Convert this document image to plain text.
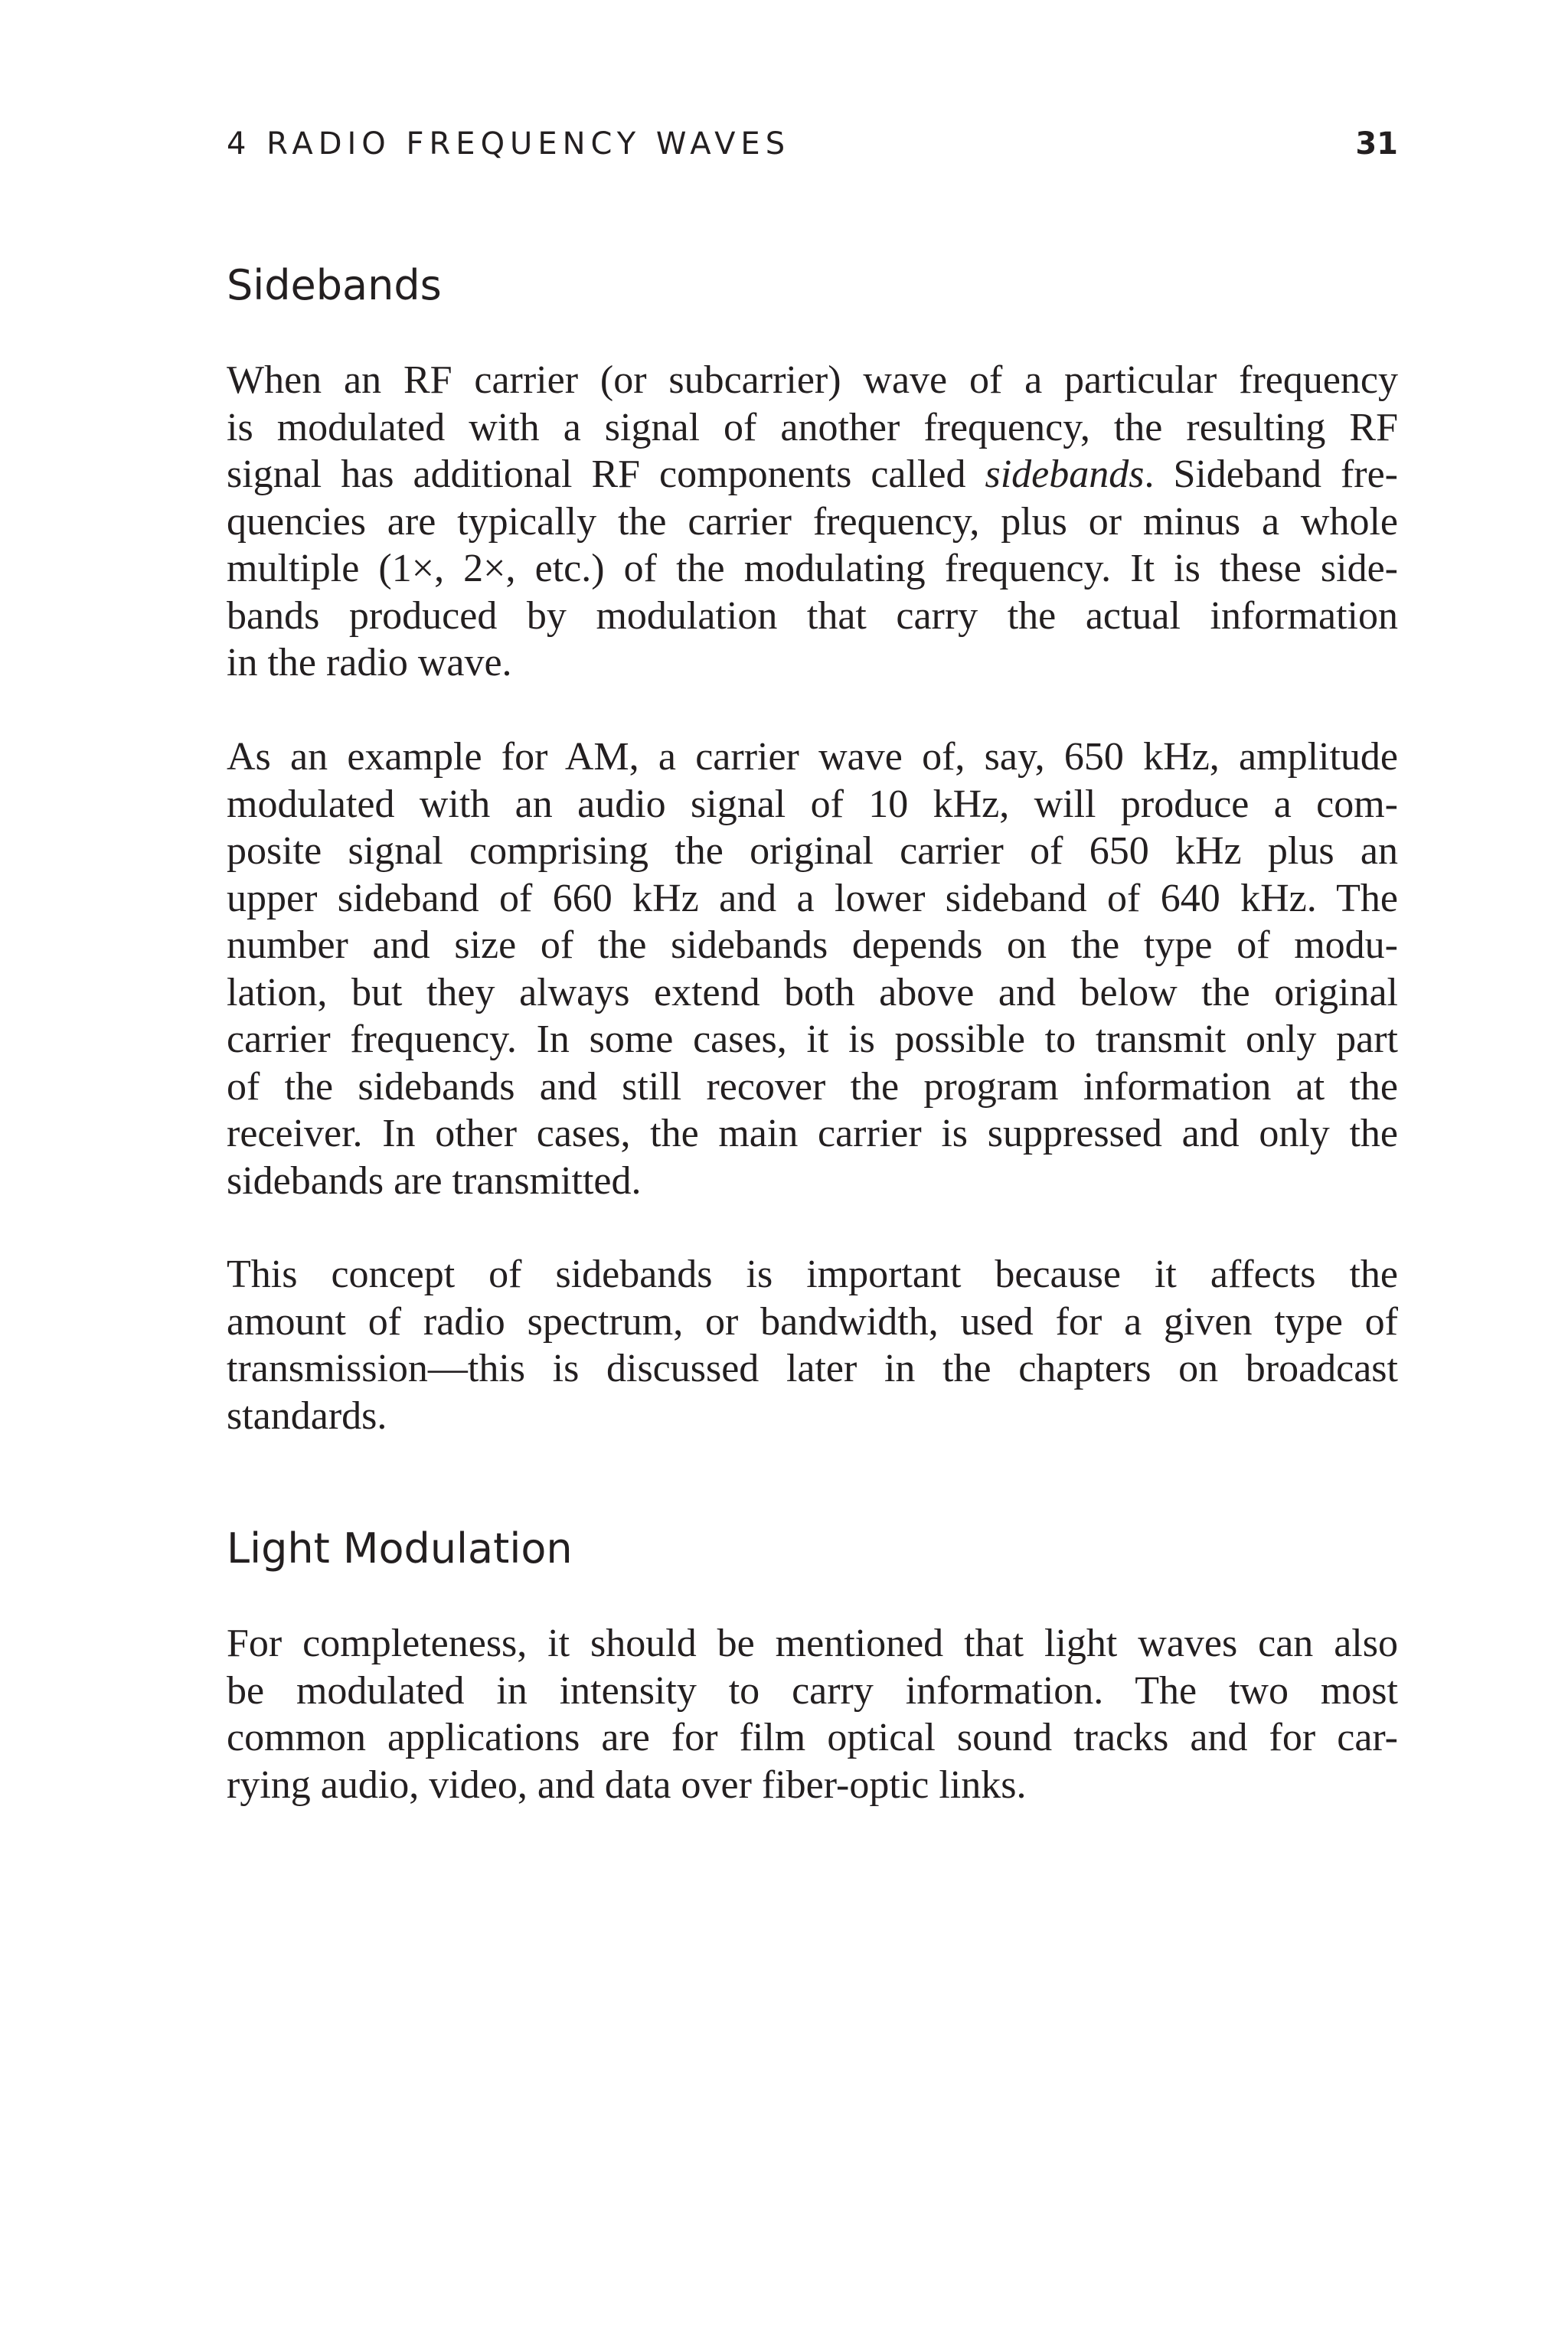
4 RADIO FREQUENCY WAVES	31
Sidebands
When an RF carrier (or subcarrier) wave of a particular frequency
is modulated with a signal of another frequency, the resulting RF
signal has additional RF components called sidebands. Sideband fre-
quencies are typically the carrier frequency, plus or minus a whole
multiple (1×, 2×, etc.) of the modulating frequency. It is these side-
bands produced by modulation that carry the actual information
in the radio wave.
As an example for AM, a carrier wave of, say, 650 kHz, amplitude
modulated with an audio signal of 10 kHz, will produce a com-
posite signal comprising the original carrier of 650 kHz plus an
upper sideband of 660 kHz and a lower sideband of 640 kHz. The
number and size of the sidebands depends on the type of modu-
lation, but they always extend both above and below the original
carrier frequency. In some cases, it is possible to transmit only part
of the sidebands and still recover the program information at the
receiver. In other cases, the main carrier is suppressed and only the
sidebands are transmitted.
This concept of sidebands is important because it affects the
amount of radio spectrum, or bandwidth, used for a given type of
transmission—this is discussed later in the chapters on broadcast
standards.
Light Modulation
For completeness, it should be mentioned that light waves can also
be modulated in intensity to carry information. The two most
common applications are for film optical sound tracks and for car-
rying audio, video, and data over fiber-optic links.
